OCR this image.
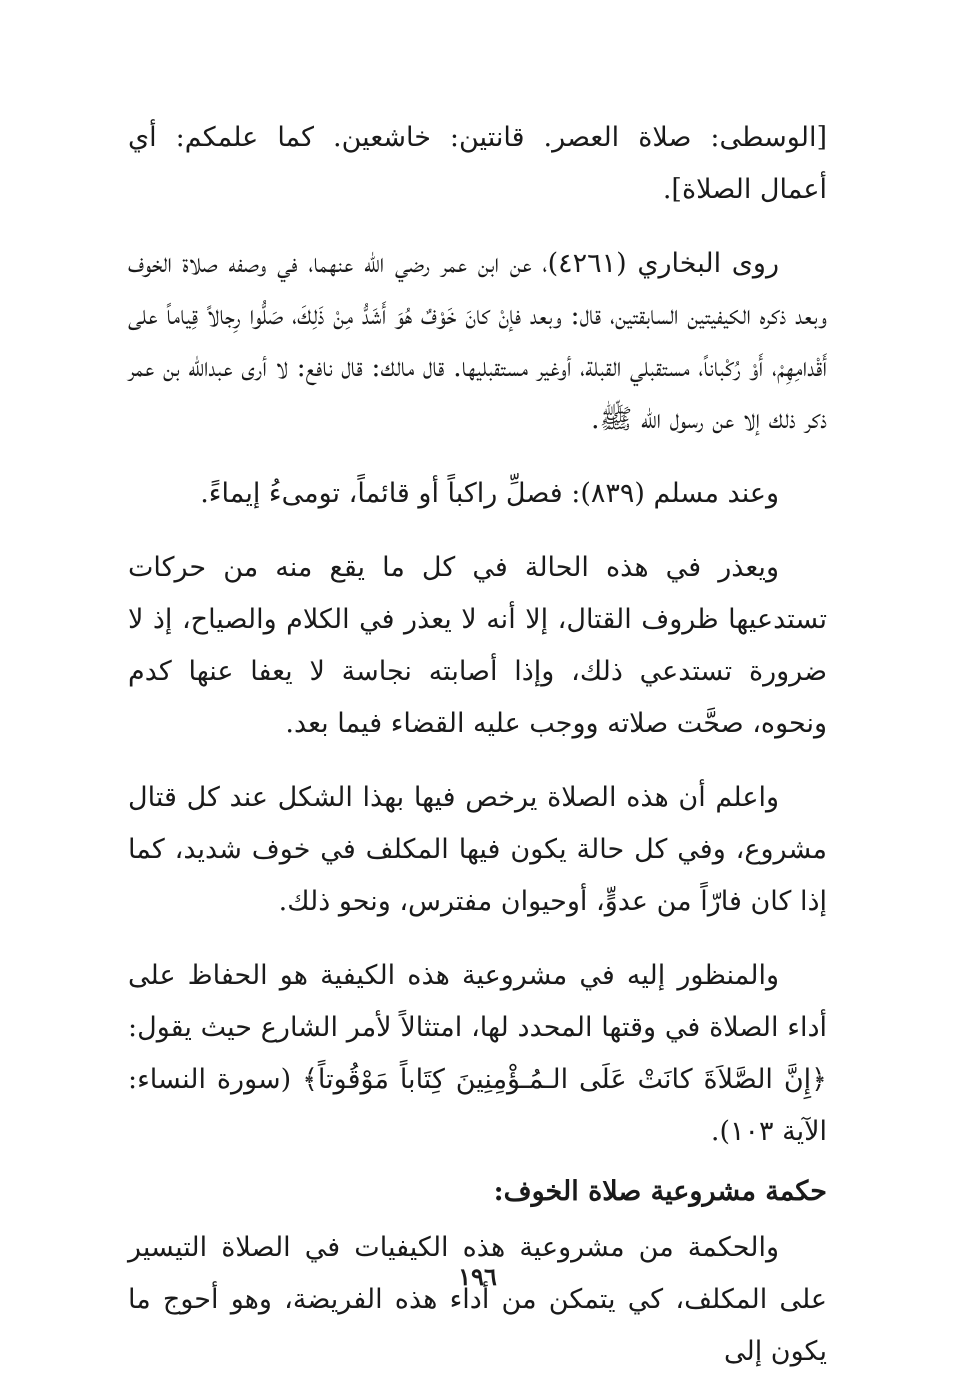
[الوسطى: صلاة العصر. قانتين: خاشعين. كما علمكم: أي أعمال الصلاة].

روى البخاري (٤٢٦١)، عن ابن عمر رضي الله عنهما، في وصفه صلاة الخوف وبعد ذكره الكيفيتين السابقتين، قال: وبعد فإنْ كانَ خَوْفٌ هُوَ أَشَدُّ مِنْ ذَلِكَ، صَلُّوا رِجالاً قِياماً على أَقْدامِهِمْ، أَوْ رُكْباناً، مستقبلي القبلة، أوغير مستقبليها. قال مالك: قال نافع: لا أرى عبدالله بن عمر ذكر ذلك إلا عن رسول الله ﷺ.

وعند مسلم (٨٣٩): فصلِّ راكباً أو قائماً، تومىءُ إيماءً.

ويعذر في هذه الحالة في كل ما يقع منه من حركات تستدعيها ظروف القتال، إلا أنه لا يعذر في الكلام والصياح، إذ لا ضرورة تستدعي ذلك، وإذا أصابته نجاسة لا يعفا عنها كدم ونحوه، صحَّت صلاته ووجب عليه القضاء فيما بعد.

واعلم أن هذه الصلاة يرخص فيها بهذا الشكل عند كل قتال مشروع، وفي كل حالة يكون فيها المكلف في خوف شديد، كما إذا كان فارّاً من عدوٍّ، أوحيوان مفترس، ونحو ذلك.

والمنظور إليه في مشروعية هذه الكيفية هو الحفاظ على أداء الصلاة في وقتها المحدد لها، امتثالاً لأمر الشارع حيث يقول: ﴿إِنَّ الصَّلاَةَ كانَتْ عَلَى الـمُـؤْمِنِينَ كِتَاباً مَوْقُوتاً﴾ (سورة النساء: الآية ١٠٣).

حكمة مشروعية صلاة الخوف:

والحكمة من مشروعية هذه الكيفيات في الصلاة التيسير على المكلف، كي يتمكن من أداء هذه الفريضة، وهو أحوج ما يكون إلى

١٩٦
